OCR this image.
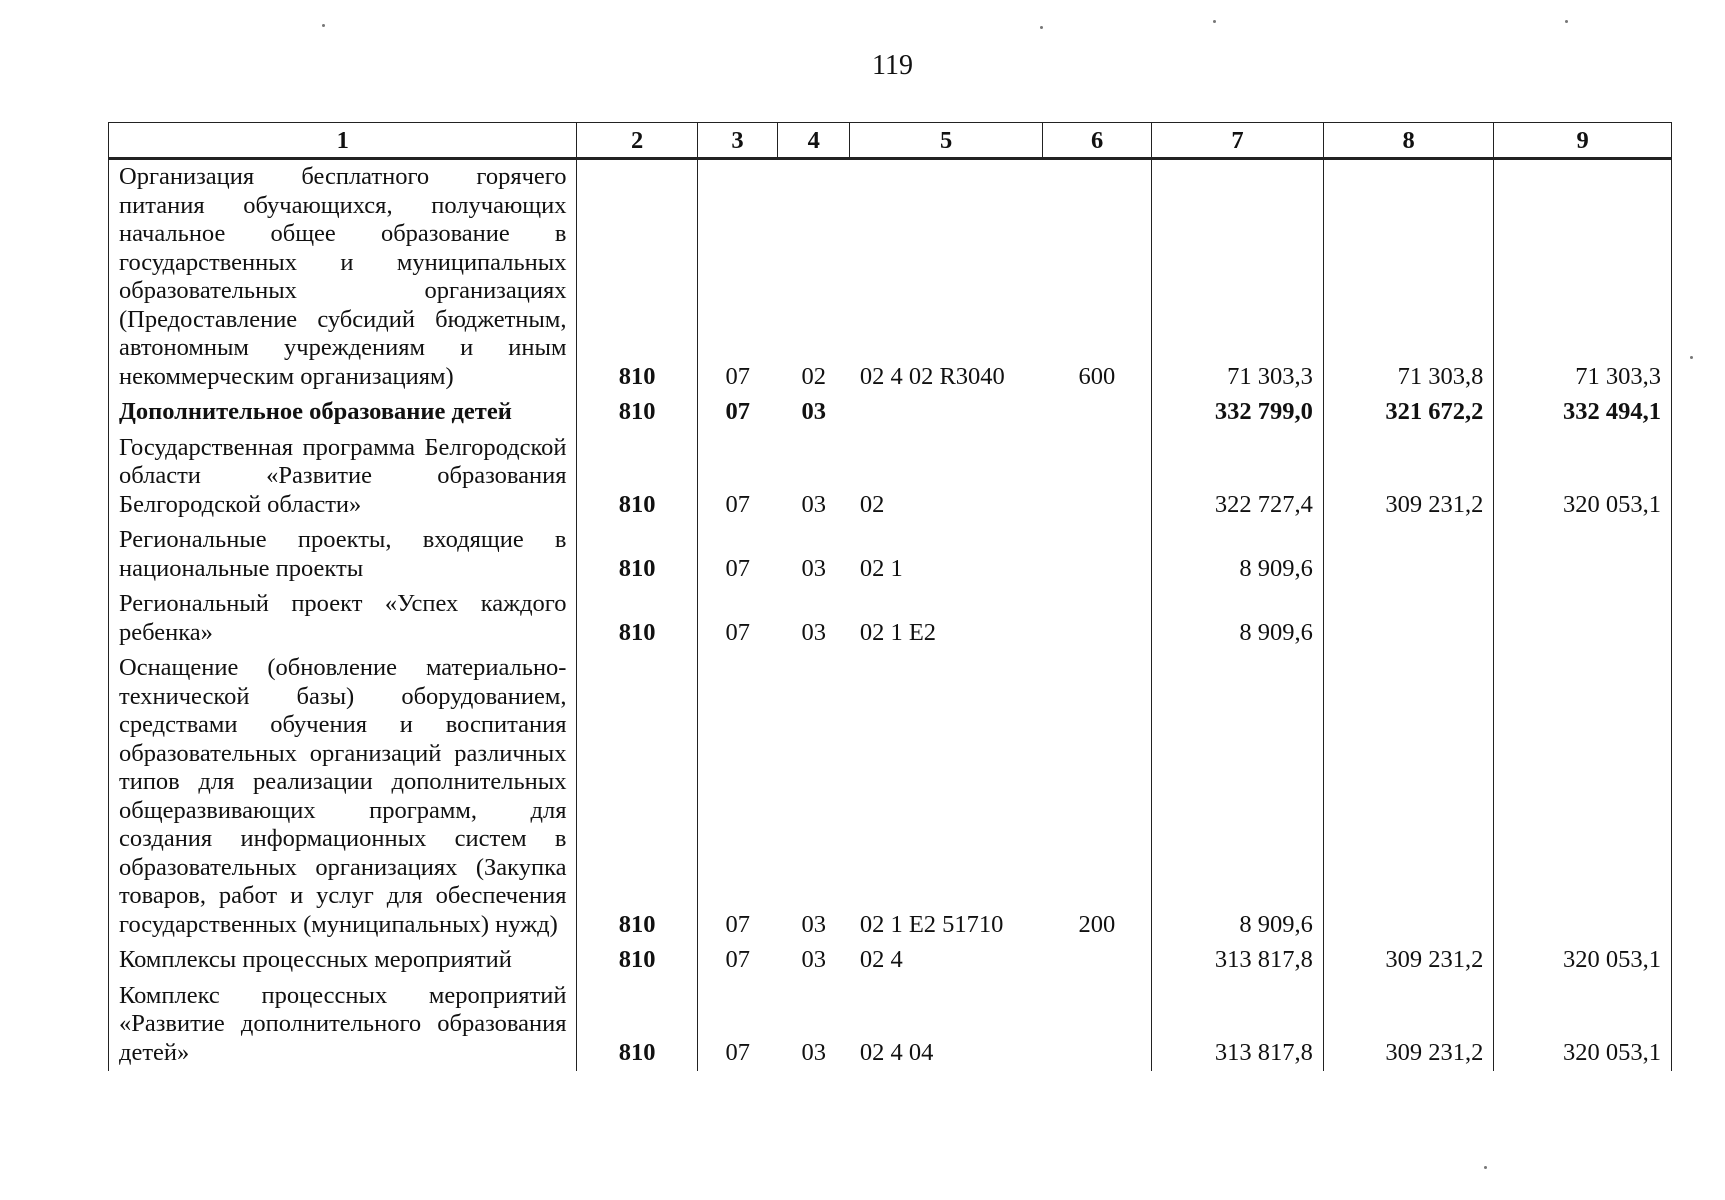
119
1	2	3	4	5	6	7	8	9
Организация бесплатного горячего питания обучающихся, получающих начальное общее образование в государственных и муниципальных образовательных организациях (Предоставление субсидий бюджетным, автономным учреждениям и иным некоммерческим организациям)	810	07	02	02 4 02 R3040	600	71 303,3	71 303,8	71 303,3
Дополнительное образование детей	810	07	03			332 799,0	321 672,2	332 494,1
Государственная программа Белгородской области «Развитие образования Белгородской области»	810	07	03	02		322 727,4	309 231,2	320 053,1
Региональные проекты, входящие в национальные проекты	810	07	03	02 1		8 909,6		
Региональный проект «Успех каждого ребенка»	810	07	03	02 1 E2		8 909,6		
Оснащение (обновление материально-технической базы) оборудованием, средствами обучения и воспитания образовательных организаций различных типов для реализации дополнительных общеразвивающих программ, для создания информационных систем в образовательных организациях (Закупка товаров, работ и услуг для обеспечения государственных (муниципальных) нужд)	810	07	03	02 1 E2 51710	200	8 909,6		
Комплексы процессных мероприятий	810	07	03	02 4		313 817,8	309 231,2	320 053,1
Комплекс процессных мероприятий «Развитие дополнительного образования детей»	810	07	03	02 4 04		313 817,8	309 231,2	320 053,1
